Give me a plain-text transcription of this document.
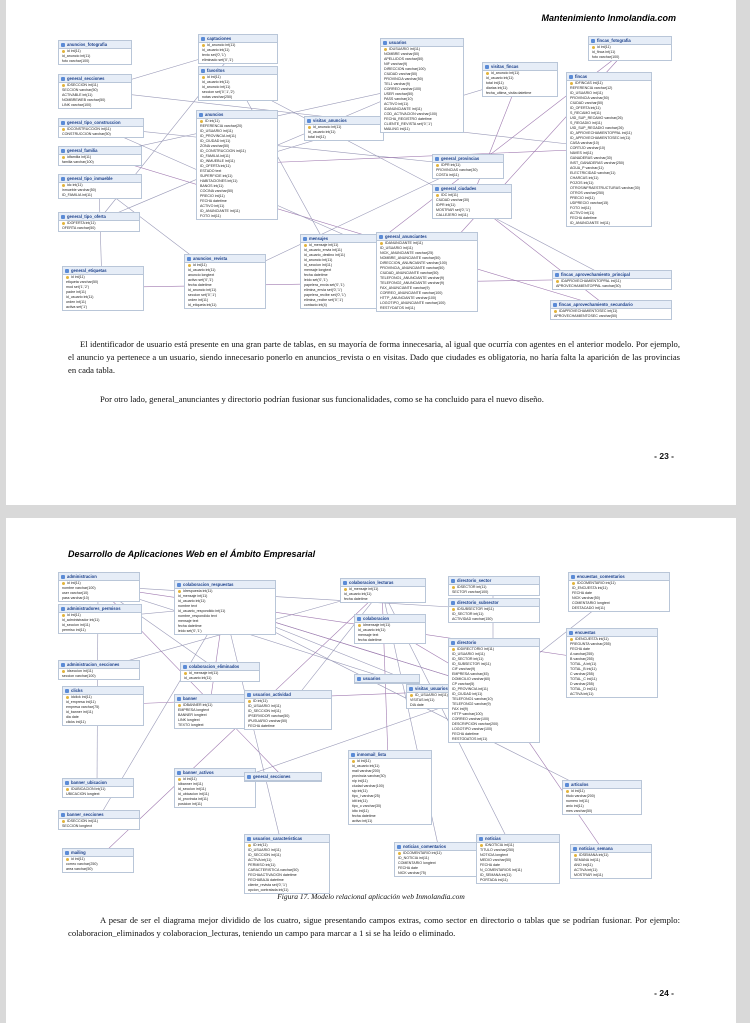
Mantenimiento Inmolandia.com
anuncios_fotografia
id int(11)
id_anuncio int(11)
foto varchar(100)
general_secciones
IDSECCION int(11)
SECCION varchar(50)
ACTIVABLE int(11)
NOMBREWEB varchar(50)
LINK varchar(100)
general_tipo_construccion
IDCONSTRUCCION int(11)
CONSTRUCCION varchar(50)
general_familia
idfamilia int(11)
familia varchar(100)
general_tipo_inmueble
idc int(11)
inmueble varchar(50)
ID_FAMILIA int(11)
general_tipo_oferta
IDOFERTA int(11)
OFERTA varchar(50)
general_etiquetas
id int(11)
etiqueta varchar(50)
mod set('1','2')
padre int(11)
id_usuario int(11)
orden int(11)
activa set('1')
captaciones
id_anuncio int(11)
id_usuario int(11)
texto set('0','1')
eliminado set('0','1')
favoritos
id int(11)
id_usuario int(11)
id_anuncio int(11)
seccion set('0','1','2')
notas varchar(250)
anuncios
ID int(11)
REFERENCIA varchar(20)
ID_USUARIO int(11)
ID_PROVINCIA int(11)
ID_CIUDAD int(11)
ZONA varchar(50)
ID_CONSTRUCCION int(11)
ID_FAMILIA int(11)
ID_INMUEBLE int(11)
ID_OFERTA int(11)
ESTADO text
SUPERFICIE int(11)
HABITACIONES int(11)
BANOS int(11)
COCINA varchar(50)
PRECIO int(11)
FECHA datetime
ACTIVO int(11)
ID_ANUNCIANTE int(11)
FOTO int(11)
anuncios_revista
id int(11)
id_usuario int(11)
anuncio longtext
activo set('0','1')
fecha datetime
id_anuncio int(11)
seccion set('0','1')
orden int(11)
id_etiqueta int(11)
visitas_anuncios
id_anuncio int(11)
id_usuario int(11)
total int(11)
mensajes
id_mensaje int(11)
id_usuario_envia int(11)
id_usuario_destino int(11)
id_anuncio int(11)
id_seccion int(11)
mensaje longtext
fecha datetime
leido set('0','1')
papelera_envia set('0','1')
elimina_envia set('0','1')
papelera_recibe set('0','1')
elimina_recibe set('0','1')
contacto int(4)
usuarios
IDUSUARIO int(11)
NOMBRE varchar(50)
APELLIDOS varchar(50)
NIF varchar(9)
DIRECCION varchar(100)
CIUDAD varchar(50)
PROVINCIA varchar(50)
TEL1 varchar(9)
CORREO varchar(100)
USER varchar(50)
PASS varchar(10)
ACTIVO int(11)
IDANUNCIANTE int(11)
COD_ACTIVACION varchar(100)
FECHA_REGISTRO datetime
CLIENTE_REVISTA set('0','1')
MAILING int(11)
general_provincias
IDPR int(11)
PROVINCIAS varchar(30)
COSTA int(11)
general_ciudades
IDC int(11)
CIUDAD varchar(30)
IDPR int(11)
MOSTRAR set('0','1')
CALLEJERO int(11)
general_anunciantes
IDANUNCIANTE int(11)
ID_USUARIO int(11)
NICK_ANUNCIANTE varchar(25)
NOMBRE_ANUNCIANTE varchar(50)
DIRECCION_ANUNCIANTE varchar(100)
PROVINCIA_ANUNCIANTE varchar(50)
CIUDAD_ANUNCIANTE varchar(50)
TELEFONO1_ANUNCIANTE varchar(9)
TELEFONO2_ANUNCIANTE varchar(9)
FAX_ANUNCIANTE varchar(9)
CORREO_ANUNCIANTE varchar(100)
HTTP_ANUNCIANTE varchar(100)
LOGOTIPO_ANUNCIANTE varchar(100)
RESTYDATOS int(11)
visitas_fincas
id_anuncio int(11)
id_usuario int(11)
total int(11)
diarias int(11)
fecha_ultima_visita datetime
fincas_fotografia
id int(11)
id_finca int(11)
foto varchar(100)
fincas
IDFINCAS int(11)
REFERENCIA varchar(12)
ID_USUARIO int(11)
PROVINCIA varchar(50)
CIUDAD varchar(50)
ID_OFERTA int(11)
S_RECAMO int(11)
UID_SUP_RECAMO varchar(26)
S_REGADIO int(11)
UID_SUP_REGADIO varchar(26)
ID_APROVECHAMIENTOPPAL int(11)
ID_APROVECHAMIENTOSEC int(11)
CASA varchar(10)
CORTIJO varchar(10)
NAVES int(11)
GANADERAS varchar(30)
INST_GANADERAS varchar(250)
AGUA_P varchar(11)
ELECTRICIDAD varchar(11)
CHARCAS int(11)
POZOS int(11)
OTROSINFRAESTRUCTURAS varchar(30)
OTROS varchar(250)
PRECIO int(11)
UDPRECIO varchar(15)
FOTO int(11)
ACTIVO int(11)
FECHA datetime
ID_ANUNCIANTE int(11)
fincas_aprovechamiento_principal
IDAPROVECHAMIENTOPPAL int(11)
APROVECHAMIENTOPPAL varchar(50)
fincas_aprovechamiento_secundario
IDAPROVECHAMIENTOSEC int(11)
APROVECHAMIENTOSEC varchar(50)

El identificador de usuario está presente en una gran parte de tablas, en su mayoría de forma innecesaria, al igual que ocurría con agentes en el anterior modelo. Por ejemplo, el anuncio ya pertenece a un usuario, siendo innecesario ponerlo en anuncios_revista o en visitas. Dado que ciudades es obligatoria, no haría falta la aparición de las provincias en cada tabla.

Por otro lado, general_anunciantes y directorio podrían fusionar sus funcionalidades, como se ha concluido para el nuevo diseño.

- 23 -
Desarrollo de Aplicaciones Web en el Ámbito Empresarial
administracion
id int(11)
nombre varchar(100)
user varchar(10)
pass varchar(10)
administradores_permisos
id int(11)
id_administrador int(11)
id_seccion int(11)
permiso int(11)
administracion_secciones
idseccion int(11)
seccion varchar(100)
clicks
idclick int(11)
id_empresa int(11)
empresa varchar(75)
id_banner int(11)
dia date
clicks int(11)
banner_ubicacion
IDUBICACION int(11)
UBICACION longtext
banner_secciones
IDSECCION int(11)
SECCION longtext
mailing
id int(11)
correo varchar(250)
area varchar(50)
colaboracion_respuestas
idrespuesta int(11)
id_mensaje int(11)
id_usuario int(11)
nombre text
id_usuario_respondido int(11)
nombre_respondido text
mensaje text
fecha datetime
leido set('0','1')
colaboracion_eliminados
id_mensaje int(11)
id_usuario int(11)
banner
IDBANNER int(11)
EMPRESA longtext
BANNER longtext
LINK longtext
TEXTO longtext
usuarios_actividad
ID int(11)
ID_USUARIO int(11)
ID_SECCION int(11)
IPSERVIDOR varchar(50)
IPUSUARIO varchar(50)
FECHA datetime
banner_activos
id int(11)
idbanner int(11)
id_seccion int(11)
id_ubicacion int(11)
id_provincia int(11)
posicion int(11)
general_secciones
usuarios_caracteristicas
ID int(11)
ID_USUARIO int(11)
ID_SECCION int(11)
ACTIVA int(11)
PERMISO int(11)
CARACTERISTICA varchar(50)
FECHAACTIVACION datetime
FECHABAJA datetime
cliente_revista set('0','1')
opcion_contratada int(11)
colaboracion_lecturas
id_mensaje int(11)
id_usuario int(11)
fecha datetime
colaboracion
idmensaje int(11)
id_usuario int(11)
mensaje text
fecha datetime
usuarios
visitas_usuarios
ID_USUARIO int(11)
VISITAS int(11)
DIA date
inmomail_lista
id int(11)
id_usuario int(11)
mail varchar(200)
provincia varchar(30)
nip int(11)
ciudad varchar(100)
sip int(11)
tipo_i varchar(25)
idti int(11)
tipo_o varchar(30)
idto int(11)
fecha datetime
activo int(11)
directorio_sector
IDSECTOR int(11)
SECTOR varchar(100)
directorio_subsector
IDSUBSECTOR int(11)
ID_SECTOR int(11)
ACTIVIDAD varchar(150)
directorio
IDDIRECTORIO int(11)
ID_USUARIO int(11)
ID_SECTOR int(11)
ID_SUBSECTOR int(11)
CIF varchar(9)
EMPRESA varchar(45)
DOMICILIO varchar(60)
CP varchar(5)
ID_PROVINCIA int(11)
ID_CIUDAD int(11)
TELEFONO1 varchar(10)
TELEFONO2 varchar(9)
FAX int(9)
HTTP varchar(100)
CORREO varchar(100)
DESCRIPCION varchar(200)
LOGOTIPO varchar(100)
FECHA datetime
RESTODATOS int(11)
noticias_comentarios
IDCOMENTARIO int(11)
ID_NOTICIA int(11)
COMENTARIO longtext
FECHA date
NICK varchar(75)
encuestas_comentarios
IDCOMENTARIO int(11)
ID_ENCUESTA int(11)
FECHA date
NICK varchar(50)
COMENTARIO longtext
DESTACADO int(11)
encuestas
IDENCUESTA int(11)
PREGUNTA varchar(255)
FECHA date
A varchar(255)
B varchar(255)
TOTAL_A int(11)
TOTAL_B int(11)
C varchar(255)
TOTAL_C int(11)
D varchar(255)
TOTAL_D int(11)
ACTIVA int(11)
articulos
id int(11)
titulo varchar(200)
numero int(11)
anio int(11)
mes varchar(50)
noticias
IDNOTICIA int(11)
TITULO varchar(250)
NOTICIA longtext
MEDIO varchar(50)
FECHA date
N_COMENTARIOS int(11)
ID_SEMANA int(11)
PORTADA int(11)
noticias_semana
IDSEMANA int(11)
SEMANA int(11)
ANO int(11)
ACTIVA int(11)
MOSTRAR int(11)
Figura 17. Modelo relacional aplicación web Inmolandia.com

A pesar de ser el diagrama mejor dividido de los cuatro, sigue presentando campos extras, como sector en directorio o tablas que se podrían fusionar. Por ejemplo: colaboracion_eliminados y colaboracion_lecturas, teniendo un campo para marcar a 1 si se ha leído o eliminado.

- 24 -
